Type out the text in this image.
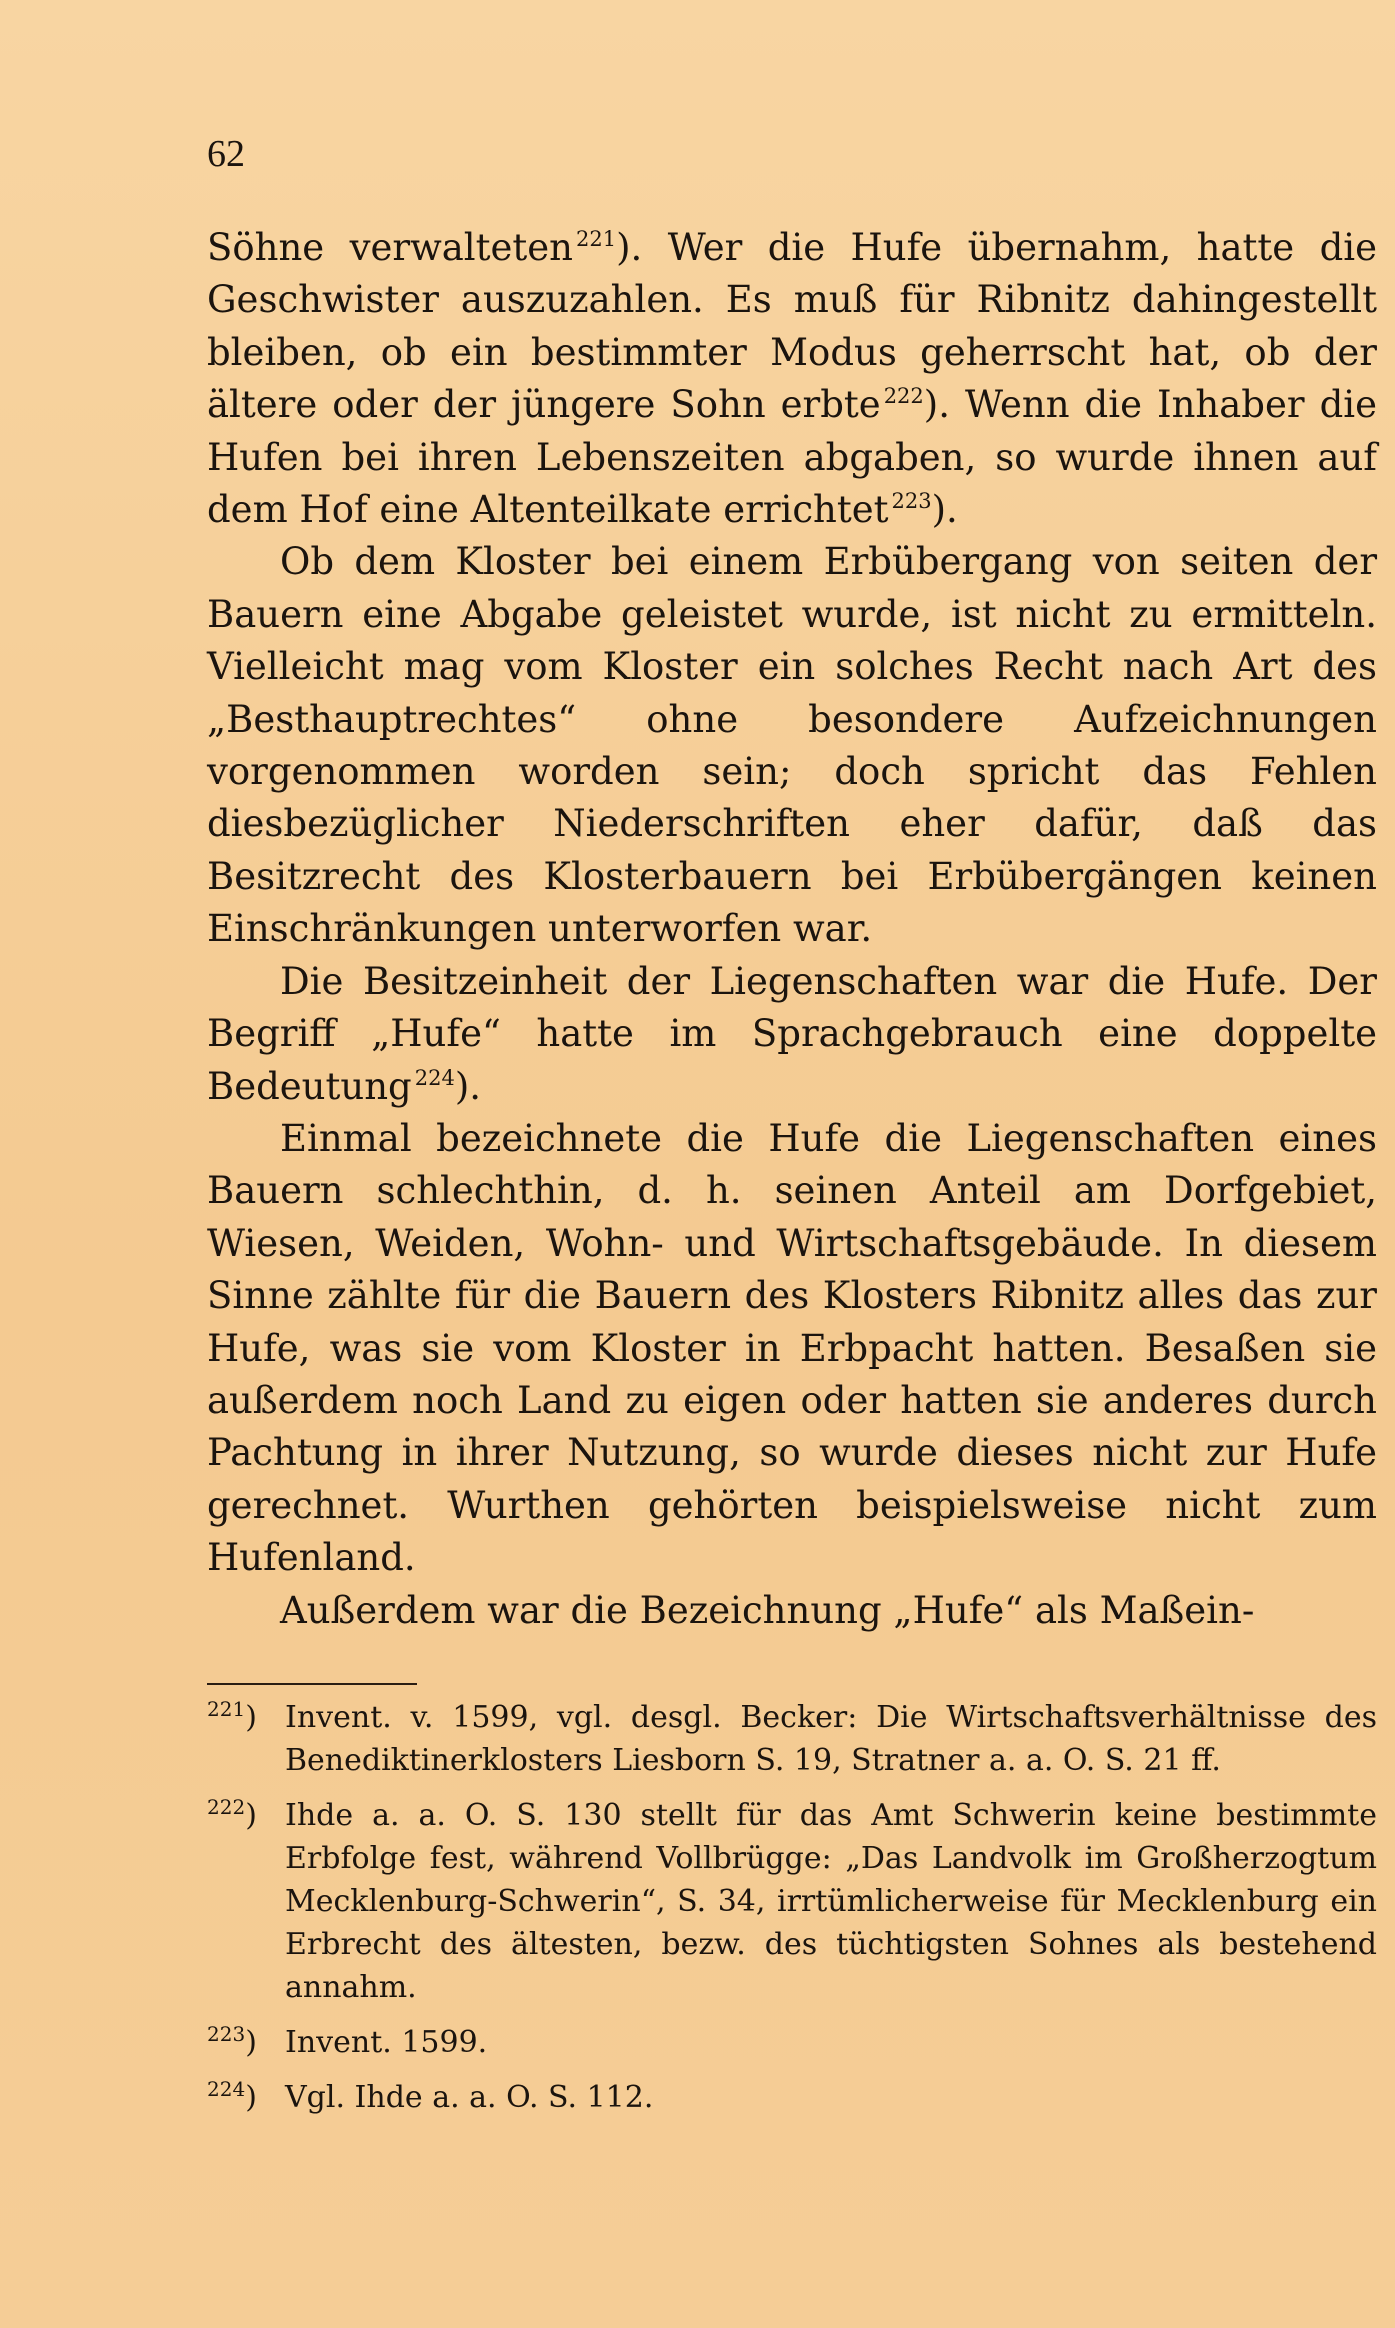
62

Söhne verwalteten $^{221}$). Wer die Hufe übernahm, hatte die Geschwister auszuzahlen. Es muß für Ribnitz dahingestellt bleiben, ob ein bestimmter Modus geherrscht hat, ob der ältere oder der jüngere Sohn erbte $^{222}$). Wenn die Inhaber die Hufen bei ihren Lebenszeiten abgaben, so wurde ihnen auf dem Hof eine Altenteilkate errichtet $^{223}$).

Ob dem Kloster bei einem Erbübergang von seiten der Bauern eine Abgabe geleistet wurde, ist nicht zu ermitteln. Vielleicht mag vom Kloster ein solches Recht nach Art des „Besthauptrechtes“ ohne besondere Aufzeichnungen vorgenommen worden sein; doch spricht das Fehlen diesbezüglicher Niederschriften eher dafür, daß das Besitzrecht des Klosterbauern bei Erbübergängen keinen Einschränkungen unterworfen war.

Die Besitzeinheit der Liegenschaften war die Hufe. Der Begriff „Hufe“ hatte im Sprachgebrauch eine doppelte Bedeutung $^{224}$).

Einmal bezeichnete die Hufe die Liegenschaften eines Bauern schlechthin, d. h. seinen Anteil am Dorfgebiet, Wiesen, Weiden, Wohn- und Wirtschaftsgebäude. In diesem Sinne zählte für die Bauern des Klosters Ribnitz alles das zur Hufe, was sie vom Kloster in Erbpacht hatten. Besaßen sie außerdem noch Land zu eigen oder hatten sie anderes durch Pachtung in ihrer Nutzung, so wurde dieses nicht zur Hufe gerechnet. Wurthen gehörten beispielsweise nicht zum Hufenland.

Außerdem war die Bezeichnung „Hufe“ als Maßein-

$^{221}$) Invent. v. 1599, vgl. desgl. Becker: Die Wirtschaftsverhältnisse des Benediktinerklosters Liesborn S. 19, Stratner a. a. O. S. 21 ff.
$^{222}$) Ihde a. a. O. S. 130 stellt für das Amt Schwerin keine bestimmte Erbfolge fest, während Vollbrügge: „Das Landvolk im Großherzogtum Mecklenburg-Schwerin“, S. 34, irrtümlicherweise für Mecklenburg ein Erbrecht des ältesten, bezw. des tüchtigsten Sohnes als bestehend annahm.
$^{223}$) Invent. 1599.
$^{224}$) Vgl. Ihde a. a. O. S. 112.
